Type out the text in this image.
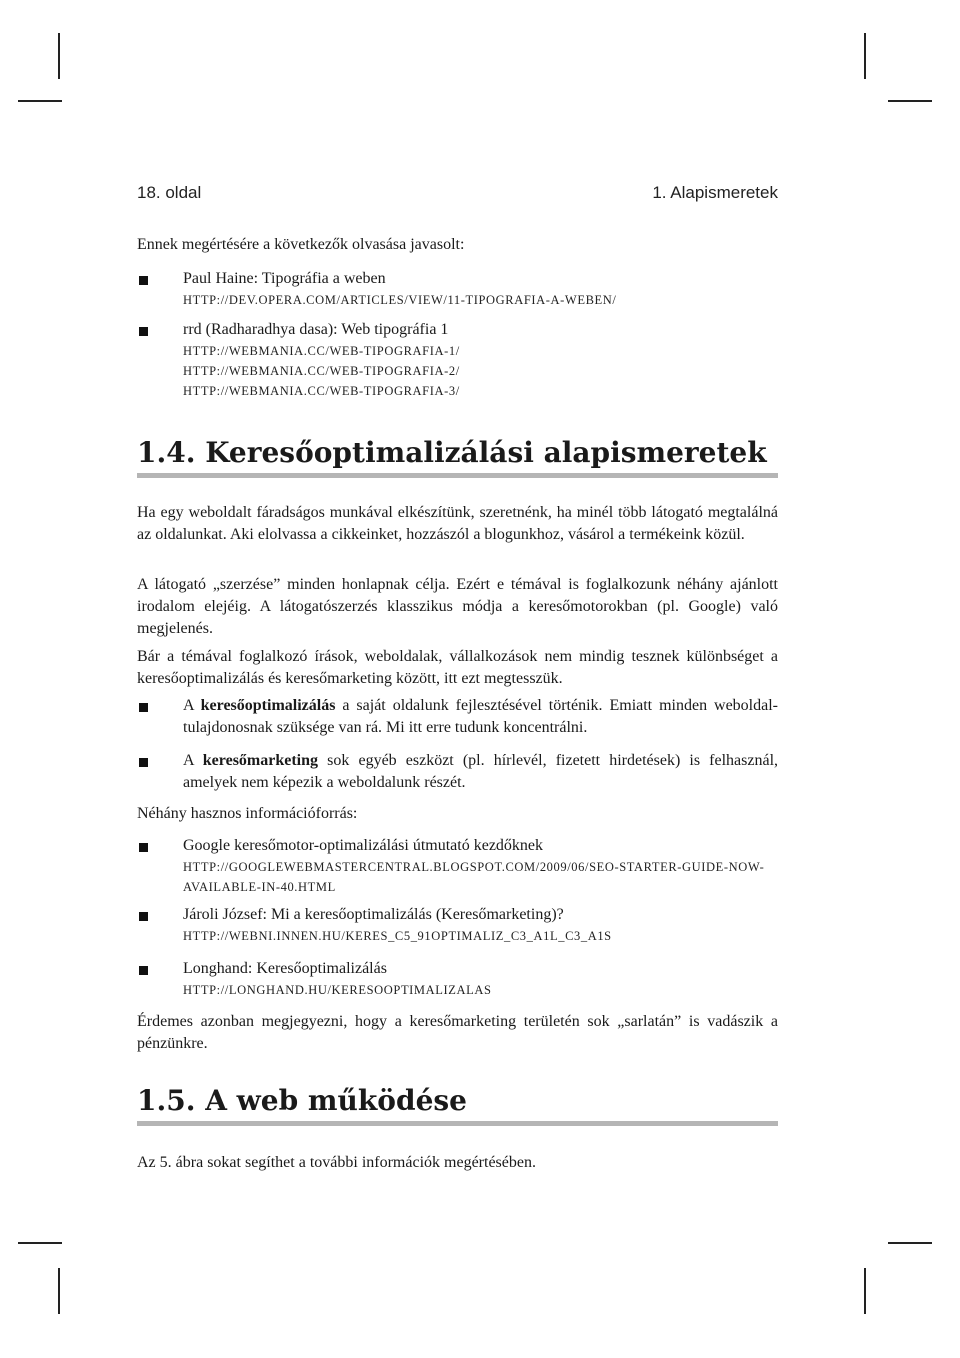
18. oldal	1. Alapismeretek
Ennek megértésére a következők olvasása javasolt:
Paul Haine: Tipográfia a weben
HTTP://DEV.OPERA.COM/ARTICLES/VIEW/11-TIPOGRAFIA-A-WEBEN/
rrd (Radharadhya dasa): Web tipográfia 1
HTTP://WEBMANIA.CC/WEB-TIPOGRAFIA-1/
HTTP://WEBMANIA.CC/WEB-TIPOGRAFIA-2/
HTTP://WEBMANIA.CC/WEB-TIPOGRAFIA-3/
1.4. Keresőoptimalizálási alapismeretek
Ha egy weboldalt fáradságos munkával elkészítünk, szeretnénk, ha minél több látogató megtalálná az oldalunkat. Aki elolvassa a cikkeinket, hozzászól a blogunkhoz, vásárol a termékeink közül.
A látogató „szerzése” minden honlapnak célja. Ezért e témával is foglalkozunk néhány ajánlott irodalom elejéig. A látogatószerzés klasszikus módja a keresőmotorokban (pl. Google) való megjelenés.
Bár a témával foglalkozó írások, weboldalak, vállalkozások nem mindig tesznek különbséget a keresőoptimalizálás és keresőmarketing között, itt ezt megtesszük.
A keresőoptimalizálás a saját oldalunk fejlesztésével történik. Emiatt minden weboldal-tulajdonosnak szüksége van rá. Mi itt erre tudunk koncentrálni.
A keresőmarketing sok egyéb eszközt (pl. hírlevél, fizetett hirdetések) is felhasznál, amelyek nem képezik a weboldalunk részét.
Néhány hasznos információforrás:
Google keresőmotor-optimalizálási útmutató kezdőknek
HTTP://GOOGLEWEBMASTERCENTRAL.BLOGSPOT.COM/2009/06/SEO-STARTER-GUIDE-NOW-
AVAILABLE-IN-40.HTML
Jároli József: Mi a keresőoptimalizálás (Keresőmarketing)?
HTTP://WEBNI.INNEN.HU/KERES_C5_91OPTIMALIZ_C3_A1L_C3_A1S
Longhand: Keresőoptimalizálás
HTTP://LONGHAND.HU/KERESOOPTIMALIZALAS
Érdemes azonban megjegyezni, hogy a keresőmarketing területén sok „sarlatán” is vadászik a pénzünkre.
1.5. A web működése
Az 5. ábra sokat segíthet a további információk megértésében.
